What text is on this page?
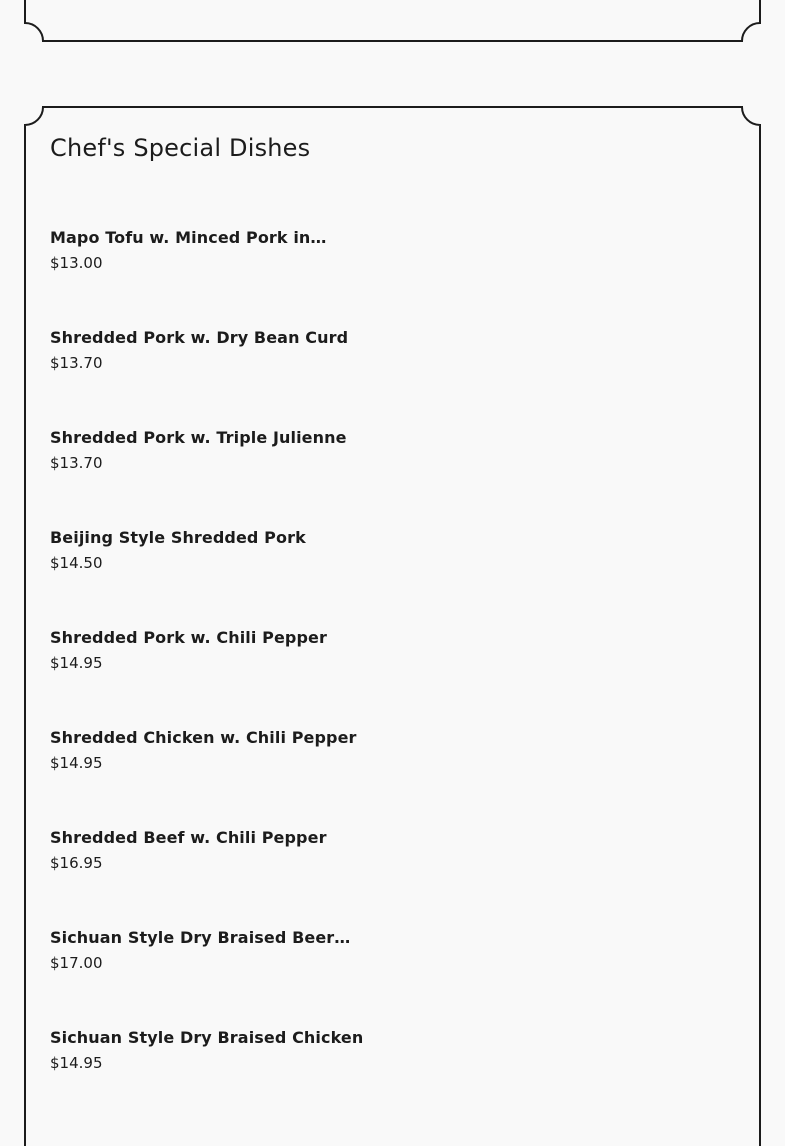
Chef's Special Dishes
Mapo Tofu w. Minced Pork in…
$13.00
Shredded Pork w. Dry Bean Curd
$13.70
Shredded Pork w. Triple Julienne
$13.70
Beijing Style Shredded Pork
$14.50
Shredded Pork w. Chili Pepper
$14.95
Shredded Chicken w. Chili Pepper
$14.95
Shredded Beef w. Chili Pepper
$16.95
Sichuan Style Dry Braised Beer…
$17.00
Sichuan Style Dry Braised Chicken
$14.95
